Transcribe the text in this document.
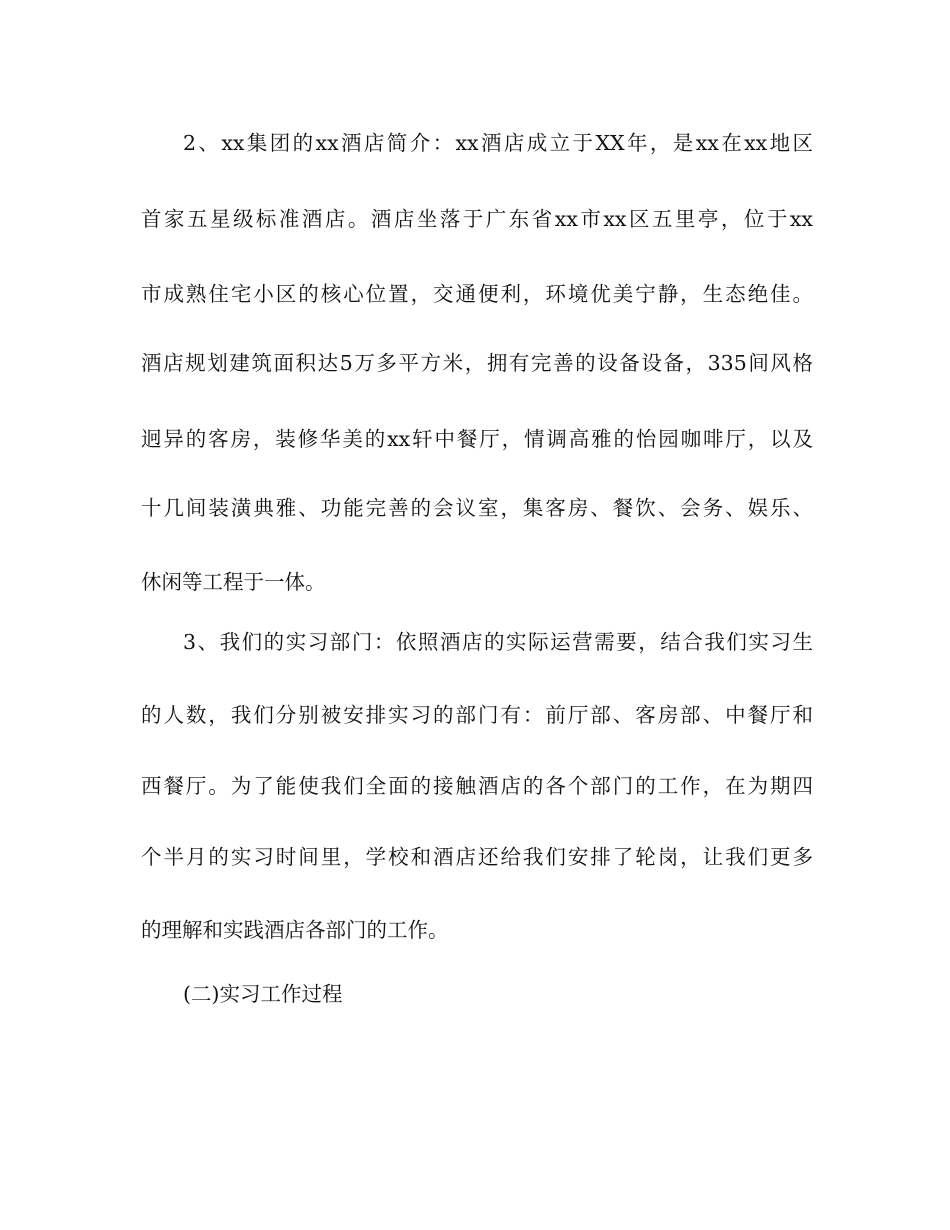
2、xx集团的xx酒店简介：xx酒店成立于XX年，是xx在xx地区
首家五星级标准酒店。酒店坐落于广东省xx市xx区五里亭，位于xx
市成熟住宅小区的核心位置，交通便利，环境优美宁静，生态绝佳。
酒店规划建筑面积达5万多平方米，拥有完善的设备设备，335间风格
迥异的客房，装修华美的xx轩中餐厅，情调高雅的怡园咖啡厅，以及
十几间装潢典雅、功能完善的会议室，集客房、餐饮、会务、娱乐、
休闲等工程于一体。
3、我们的实习部门：依照酒店的实际运营需要，结合我们实习生
的人数，我们分别被安排实习的部门有：前厅部、客房部、中餐厅和
西餐厅。为了能使我们全面的接触酒店的各个部门的工作，在为期四
个半月的实习时间里，学校和酒店还给我们安排了轮岗，让我们更多
的理解和实践酒店各部门的工作。
(二)实习工作过程
